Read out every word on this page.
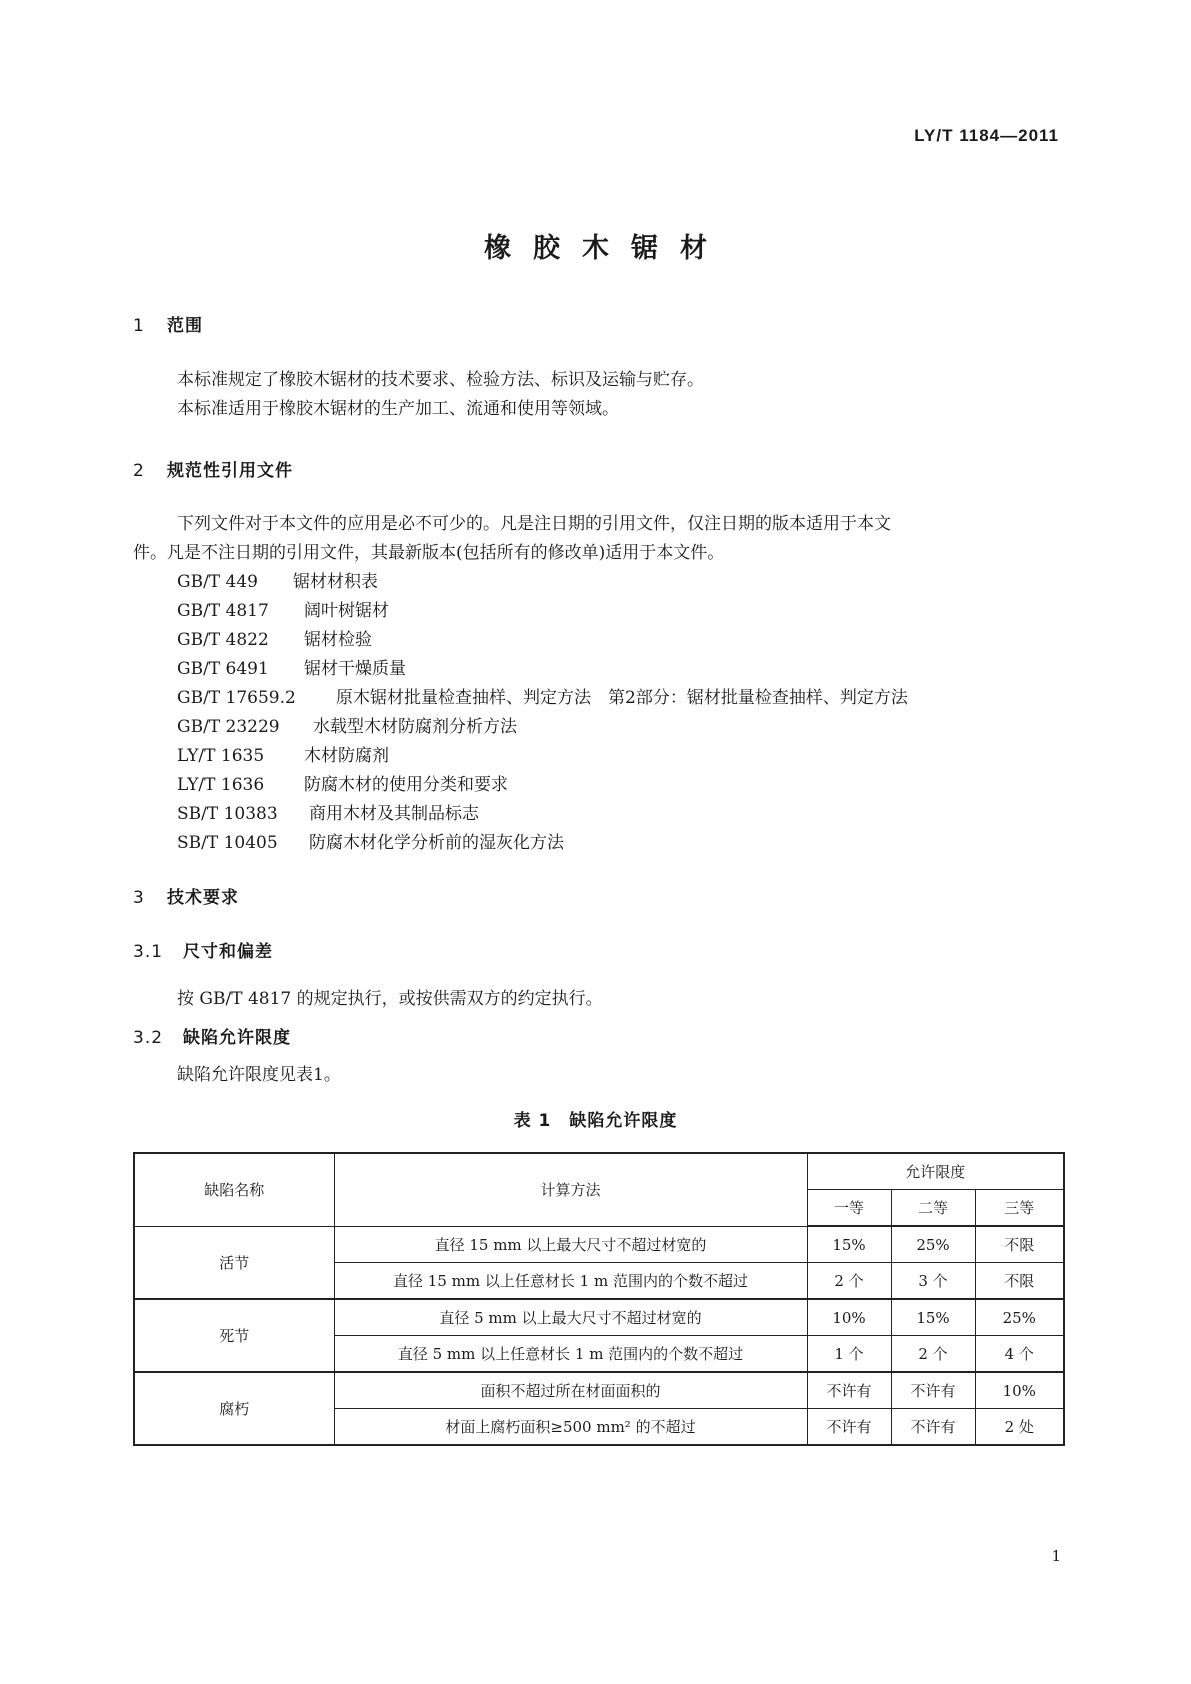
LY/T 1184—2011
橡胶木锯材
1 范围
本标准规定了橡胶木锯材的技术要求、检验方法、标识及运输与贮存。
本标准适用于橡胶木锯材的生产加工、流通和使用等领域。
2 规范性引用文件
下列文件对于本文件的应用是必不可少的。凡是注日期的引用文件，仅注日期的版本适用于本文
件。凡是不注日期的引用文件，其最新版本(包括所有的修改单)适用于本文件。
GB/T 449 锯材材积表
GB/T 4817 阔叶树锯材
GB/T 4822 锯材检验
GB/T 6491 锯材干燥质量
GB/T 17659.2 原木锯材批量检查抽样、判定方法　第2部分：锯材批量检查抽样、判定方法
GB/T 23229 水载型木材防腐剂分析方法
LY/T 1635 木材防腐剂
LY/T 1636 防腐木材的使用分类和要求
SB/T 10383 商用木材及其制品标志
SB/T 10405 防腐木材化学分析前的湿灰化方法
3 技术要求
3.1 尺寸和偏差
按 GB/T 4817 的规定执行，或按供需双方的约定执行。
3.2 缺陷允许限度
缺陷允许限度见表1。
表 1　缺陷允许限度
缺陷名称	计算方法	允许限度		
		一等	二等	三等
活节	直径 15 mm 以上最大尺寸不超过材宽的	15%	25%	不限
	直径 15 mm 以上任意材长 1 m 范围内的个数不超过	2 个	3 个	不限
死节	直径 5 mm 以上最大尺寸不超过材宽的	10%	15%	25%
	直径 5 mm 以上任意材长 1 m 范围内的个数不超过	1 个	2 个	4 个
腐朽	面积不超过所在材面面积的	不许有	不许有	10%
	材面上腐朽面积≥500 mm² 的不超过	不许有	不许有	2 处
1
